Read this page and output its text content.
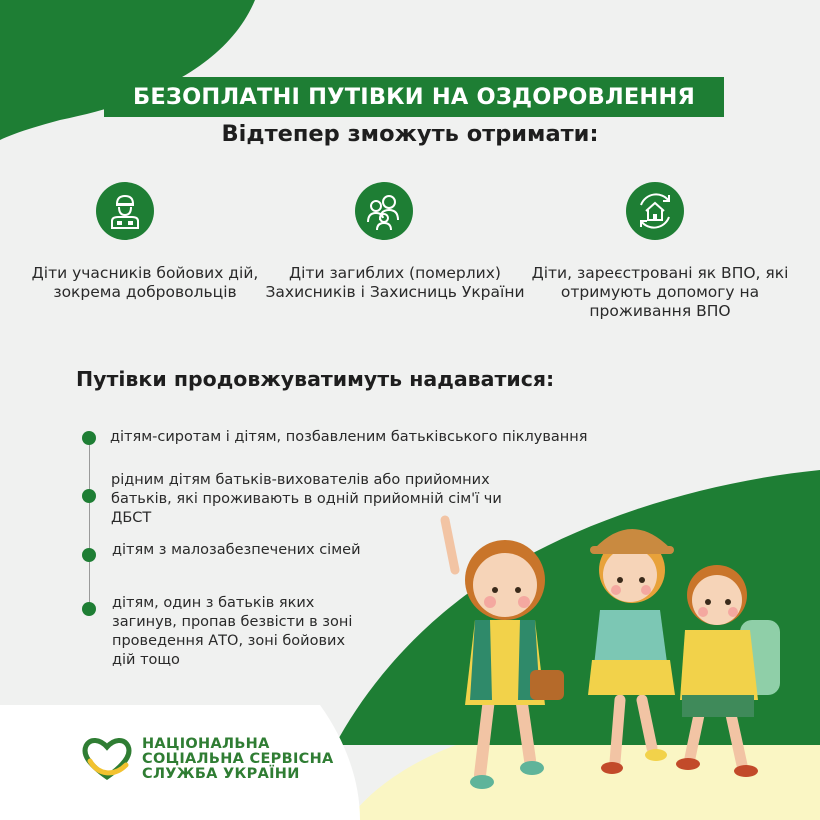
БЕЗОПЛАТНІ ПУТІВКИ НА ОЗДОРОВЛЕННЯ
Відтепер зможуть отримати:
Діти учасників бойових дій, зокрема добровольців
Діти загиблих (померлих) Захисників і Захисниць України
Діти, зареєстровані як ВПО, які отримують допомогу на проживання ВПО
Путівки продовжуватимуть надаватися:
дітям-сиротам і дітям, позбавленим батьківського піклування
рідним дітям батьків-вихователів або прийомних батьків, які проживають в одній прийомній сім'ї чи ДБСТ
дітям з малозабезпечених сімей
дітям, один з батьків яких загинув, пропав безвісти в зоні проведення АТО, зоні бойових дій тощо
НАЦІОНАЛЬНА
СОЦІАЛЬНА СЕРВІСНА
СЛУЖБА УКРАЇНИ
